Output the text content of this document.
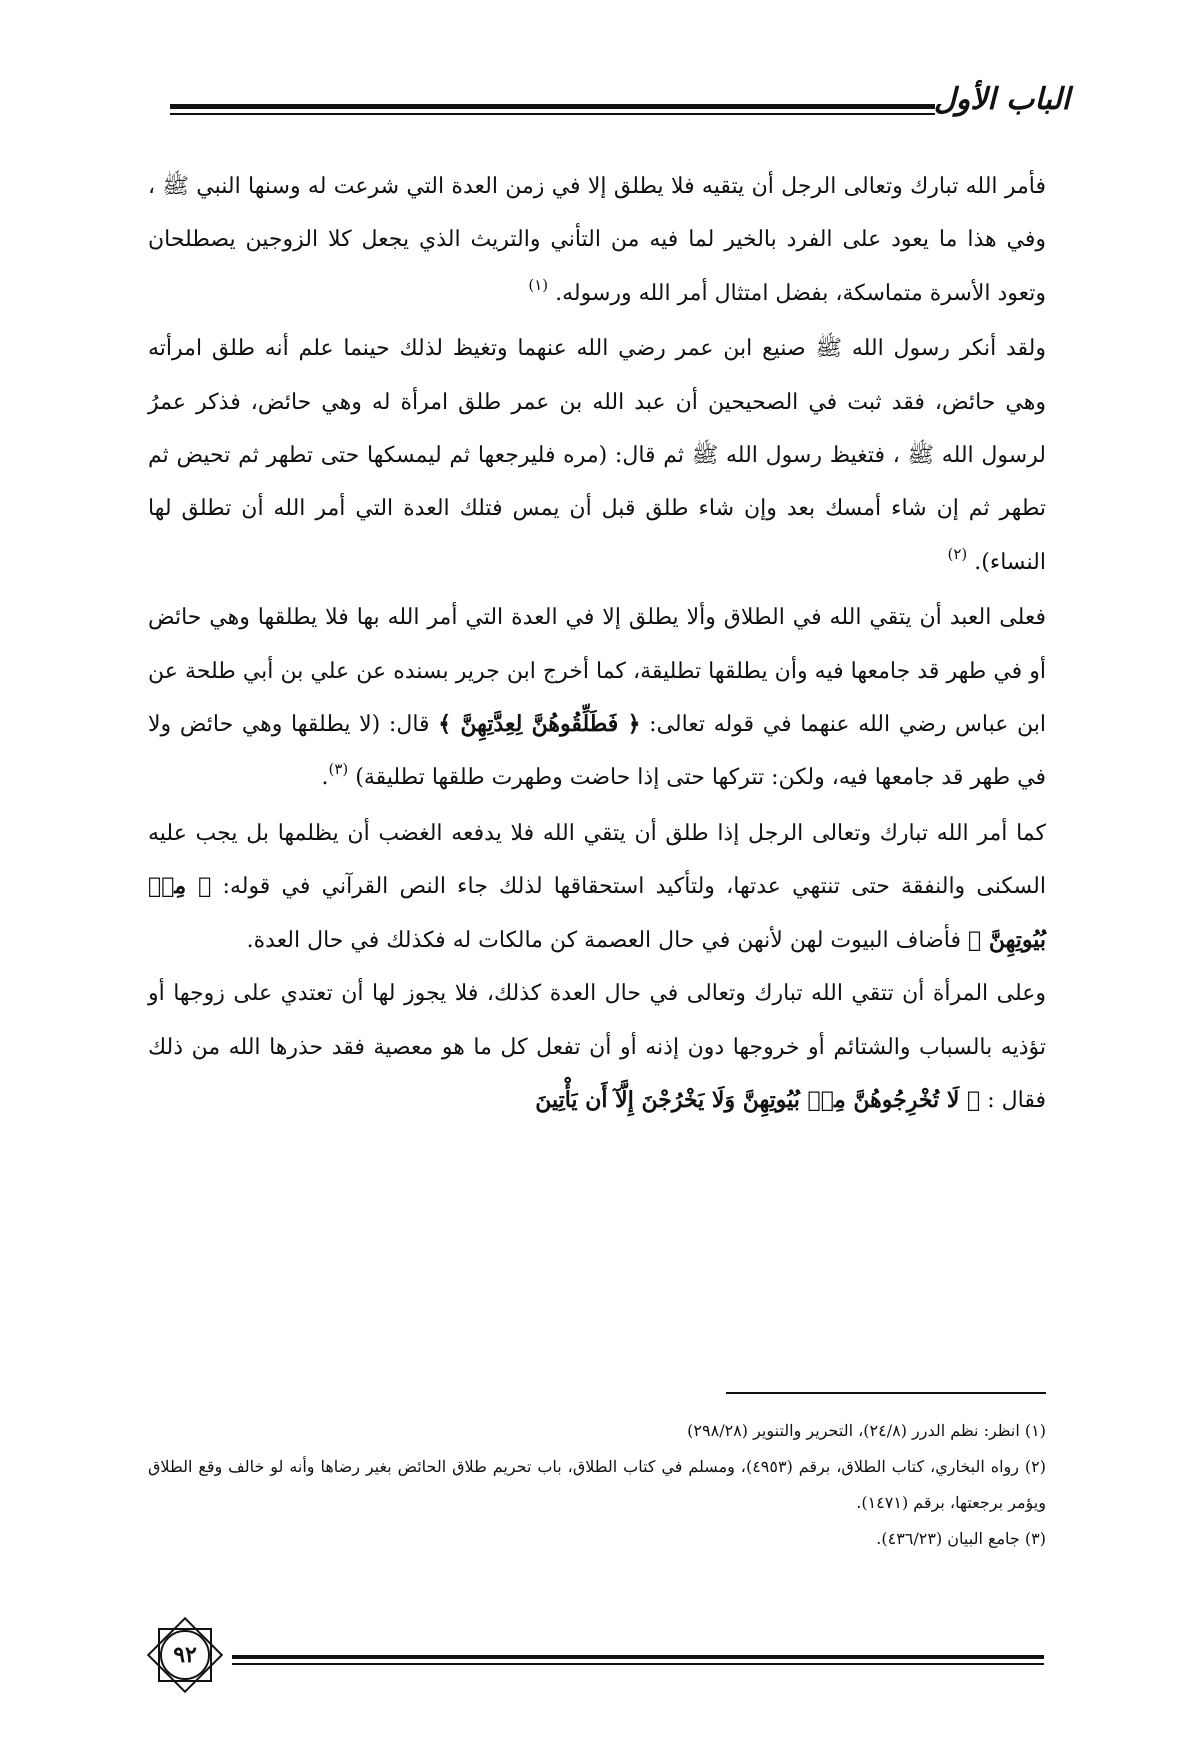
الباب الأول

فأمر الله تبارك وتعالى الرجل أن يتقيه فلا يطلق إلا في زمن العدة التي شرعت له وسنها النبي ﷺ ، وفي هذا ما يعود على الفرد بالخير لما فيه من التأني والتريث الذي يجعل كلا الزوجين يصطلحان وتعود الأسرة متماسكة، بفضل امتثال أمر الله ورسوله. $^{(١)}$

ولقد أنكر رسول الله ﷺ صنيع ابن عمر رضي الله عنهما وتغيظ لذلك حينما علم أنه طلق امرأته وهي حائض، فقد ثبت في الصحيحين أن عبد الله بن عمر طلق امرأة له وهي حائض، فذكر عمرُ لرسول الله ﷺ ، فتغيظ رسول الله ﷺ ثم قال: (مره فليرجعها ثم ليمسكها حتى تطهر ثم تحيض ثم تطهر ثم إن شاء أمسك بعد وإن شاء طلق قبل أن يمس فتلك العدة التي أمر الله أن تطلق لها النساء). $^{(٢)}$

فعلى العبد أن يتقي الله في الطلاق وألا يطلق إلا في العدة التي أمر الله بها فلا يطلقها وهي حائض أو في طهر قد جامعها فيه وأن يطلقها تطليقة، كما أخرج ابن جرير بسنده عن علي بن أبي طلحة عن ابن عباس رضي الله عنهما في قوله تعالى: ﴿ فَطَلِّقُوهُنَّ لِعِدَّتِهِنَّ ﴾ قال: (لا يطلقها وهي حائض ولا في طهر قد جامعها فيه، ولكن: تتركها حتى إذا حاضت وطهرت طلقها تطليقة) $^{(٣)}$.

كما أمر الله تبارك وتعالى الرجل إذا طلق أن يتقي الله فلا يدفعه الغضب أن يظلمها بل يجب عليه السكنى والنفقة حتى تنتهي عدتها، ولتأكيد استحقاقها لذلك جاء النص القرآني في قوله: ﴿ مِنۢ بُيُوتِهِنَّ ﴾ فأضاف البيوت لهن لأنهن في حال العصمة كن مالكات له فكذلك في حال العدة.

وعلى المرأة أن تتقي الله تبارك وتعالى في حال العدة كذلك، فلا يجوز لها أن تعتدي على زوجها أو تؤذيه بالسباب والشتائم أو خروجها دون إذنه أو أن تفعل كل ما هو معصية فقد حذرها الله من ذلك فقال : ﴿ لَا تُخْرِجُوهُنَّ مِنۢ بُيُوتِهِنَّ وَلَا يَخْرُجْنَ إِلَّآ أَن يَأْتِينَ

(١) انظر: نظم الدرر (٢٤/٨)، التحرير والتنوير (٢٩٨/٢٨)

(٢) رواه البخاري، كتاب الطلاق، برقم (٤٩٥٣)، ومسلم في كتاب الطلاق، باب تحريم طلاق الحائض بغير رضاها وأنه لو خالف وقع الطلاق ويؤمر برجعتها، برقم (١٤٧١).

(٣) جامع البيان (٤٣٦/٢٣).

٩٢
